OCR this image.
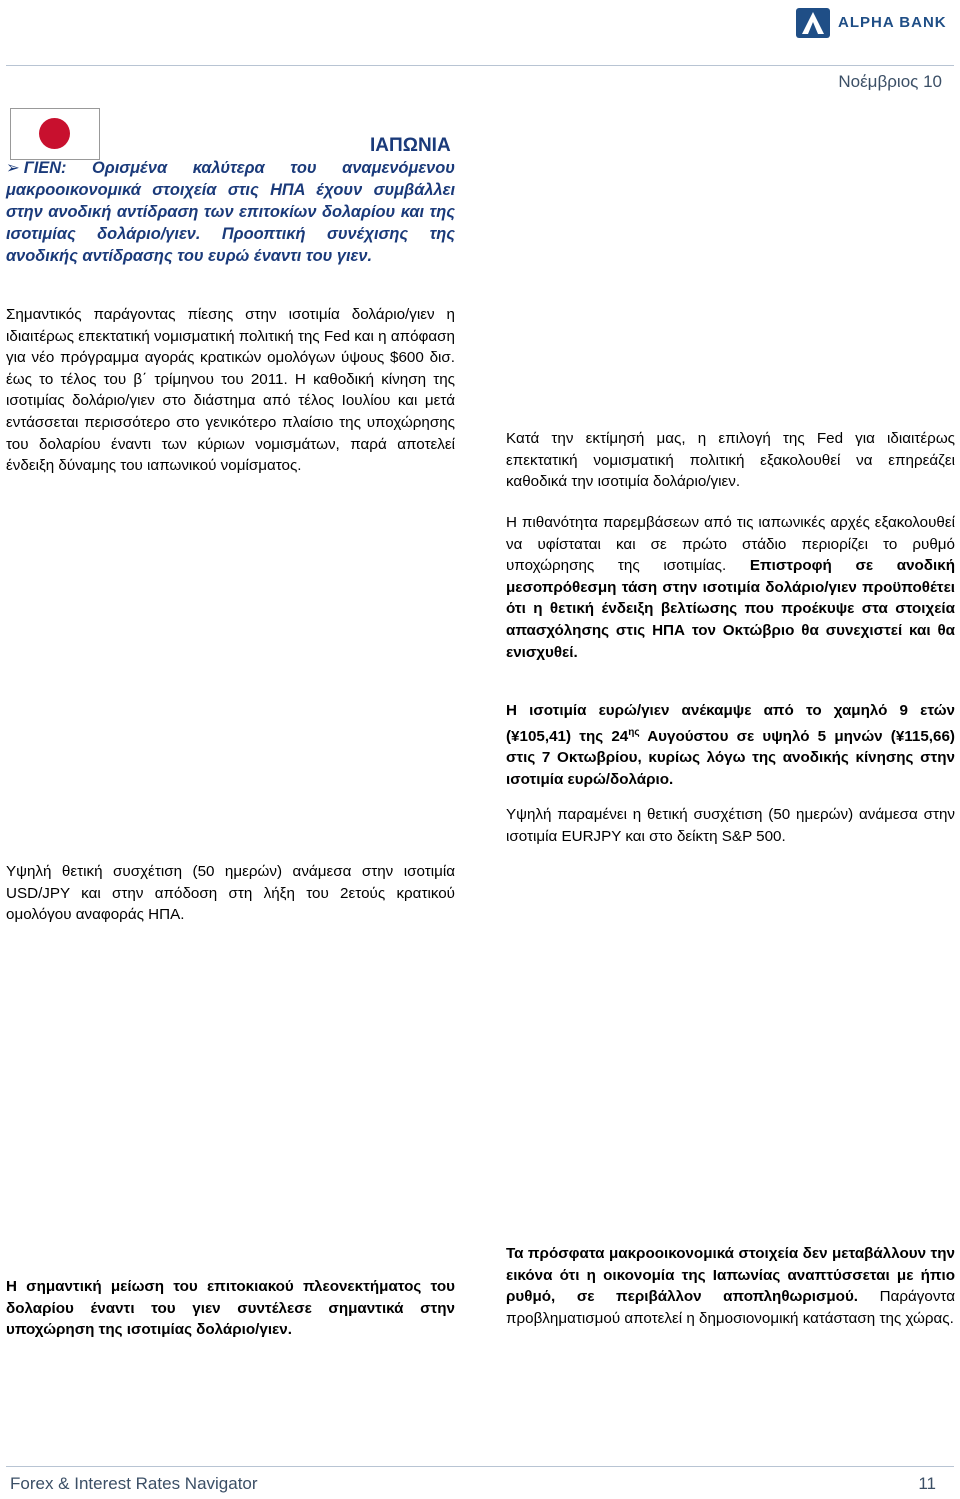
ALPHA BANK
Νοέμβριος 10
ΙΑΠΩΝΙΑ
➢ ΓΙΕΝ: Ορισμένα καλύτερα του αναμενόμενου μακροοικονομικά στοιχεία στις ΗΠΑ έχουν συμβάλλει στην ανοδική αντίδραση των επιτοκίων δολαρίου και της ισοτιμίας δολάριο/γιεν. Προοπτική συνέχισης της ανοδικής αντίδρασης του ευρώ έναντι του γιεν.
Σημαντικός παράγοντας πίεσης στην ισοτιμία δολάριο/γιεν η ιδιαιτέρως επεκτατική νομισματική πολιτική της Fed και η απόφαση για νέο πρόγραμμα αγοράς κρατικών ομολόγων ύψους $600 δισ. έως το τέλος του β΄ τρίμηνου του 2011. Η καθοδική κίνηση της ισοτιμίας δολάριο/γιεν στο διάστημα από τέλος Ιουλίου και μετά εντάσσεται περισσότερο στο γενικότερο πλαίσιο της υποχώρησης του δολαρίου έναντι των κύριων νομισμάτων, παρά αποτελεί ένδειξη δύναμης του ιαπωνικού νομίσματος.
Υψηλή θετική συσχέτιση (50 ημερών) ανάμεσα στην ισοτιμία USD/JPY και στην απόδοση στη λήξη του 2ετούς κρατικού ομολόγου αναφοράς ΗΠΑ.
Η σημαντική μείωση του επιτοκιακού πλεονεκτήματος του δολαρίου έναντι του γιεν συντέλεσε σημαντικά στην υποχώρηση της ισοτιμίας δολάριο/γιεν.
Κατά την εκτίμησή μας, η επιλογή της Fed για ιδιαιτέρως επεκτατική νομισματική πολιτική εξακολουθεί να επηρεάζει καθοδικά την ισοτιμία δολάριο/γιεν.
Η πιθανότητα παρεμβάσεων από τις ιαπωνικές αρχές εξακολουθεί να υφίσταται και σε πρώτο στάδιο περιορίζει το ρυθμό υποχώρησης της ισοτιμίας. Επιστροφή σε ανοδική μεσοπρόθεσμη τάση στην ισοτιμία δολάριο/γιεν προϋποθέτει ότι η θετική ένδειξη βελτίωσης που προέκυψε στα στοιχεία απασχόλησης στις ΗΠΑ τον Οκτώβριο θα συνεχιστεί και θα ενισχυθεί.
Η ισοτιμία ευρώ/γιεν ανέκαμψε από το χαμηλό 9 ετών (¥105,41) της $24^{\eta\varsigma}$ Αυγούστου σε υψηλό 5 μηνών (¥115,66) στις 7 Οκτωβρίου, κυρίως λόγω της ανοδικής κίνησης στην ισοτιμία ευρώ/δολάριο.
Υψηλή παραμένει η θετική συσχέτιση (50 ημερών) ανάμεσα στην ισοτιμία EURJPY και στο δείκτη S&P 500.
Τα πρόσφατα μακροοικονομικά στοιχεία δεν μεταβάλλουν την εικόνα ότι η οικονομία της Ιαπωνίας αναπτύσσεται με ήπιο ρυθμό, σε περιβάλλον αποπληθωρισμού. Παράγοντα προβληματισμού αποτελεί η δημοσιονομική κατάσταση της χώρας.
Forex & Interest Rates Navigator	11
